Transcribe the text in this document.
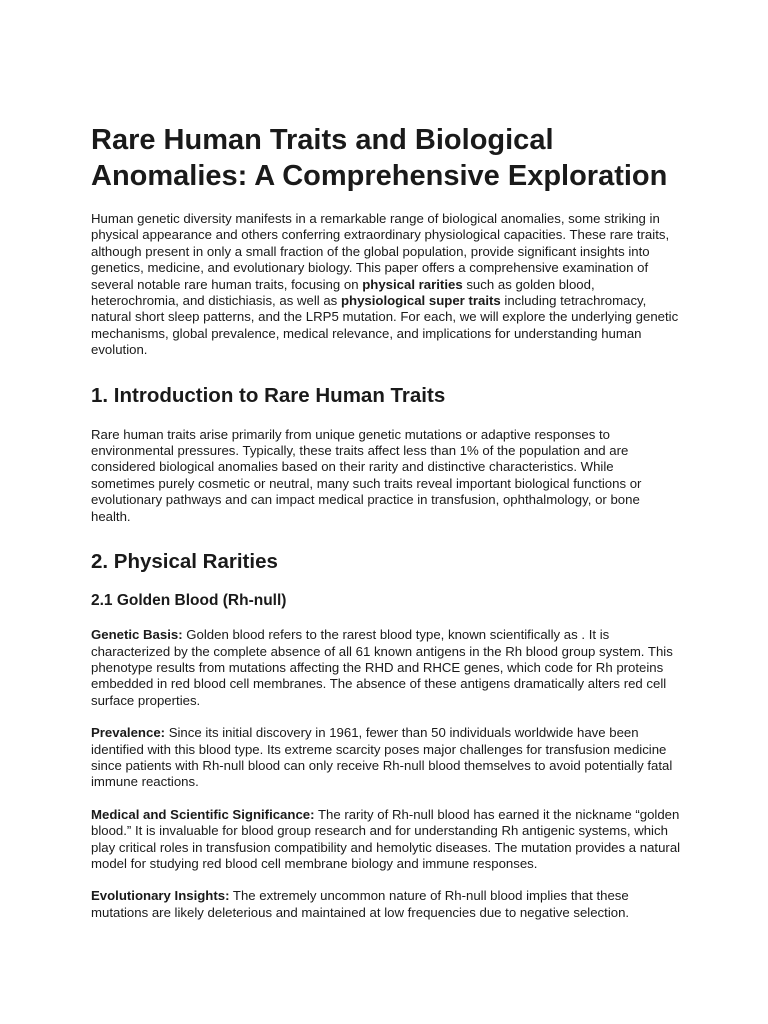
Rare Human Traits and Biological Anomalies: A Comprehensive Exploration

Human genetic diversity manifests in a remarkable range of biological anomalies, some striking in physical appearance and others conferring extraordinary physiological capacities. These rare traits, although present in only a small fraction of the global population, provide significant insights into genetics, medicine, and evolutionary biology. This paper offers a comprehensive examination of several notable rare human traits, focusing on physical rarities such as golden blood, heterochromia, and distichiasis, as well as physiological super traits including tetrachromacy, natural short sleep patterns, and the LRP5 mutation. For each, we will explore the underlying genetic mechanisms, global prevalence, medical relevance, and implications for understanding human evolution.

1. Introduction to Rare Human Traits

Rare human traits arise primarily from unique genetic mutations or adaptive responses to environmental pressures. Typically, these traits affect less than 1% of the population and are considered biological anomalies based on their rarity and distinctive characteristics. While sometimes purely cosmetic or neutral, many such traits reveal important biological functions or evolutionary pathways and can impact medical practice in transfusion, ophthalmology, or bone health.

2. Physical Rarities
2.1 Golden Blood (Rh-null)

Genetic Basis: Golden blood refers to the rarest blood type, known scientifically as . It is characterized by the complete absence of all 61 known antigens in the Rh blood group system. This phenotype results from mutations affecting the RHD and RHCE genes, which code for Rh proteins embedded in red blood cell membranes. The absence of these antigens dramatically alters red cell surface properties.

Prevalence: Since its initial discovery in 1961, fewer than 50 individuals worldwide have been identified with this blood type. Its extreme scarcity poses major challenges for transfusion medicine since patients with Rh-null blood can only receive Rh-null blood themselves to avoid potentially fatal immune reactions.

Medical and Scientific Significance: The rarity of Rh-null blood has earned it the nickname “golden blood.” It is invaluable for blood group research and for understanding Rh antigenic systems, which play critical roles in transfusion compatibility and hemolytic diseases. The mutation provides a natural model for studying red blood cell membrane biology and immune responses.

Evolutionary Insights: The extremely uncommon nature of Rh-null blood implies that these mutations are likely deleterious and maintained at low frequencies due to negative selection.
